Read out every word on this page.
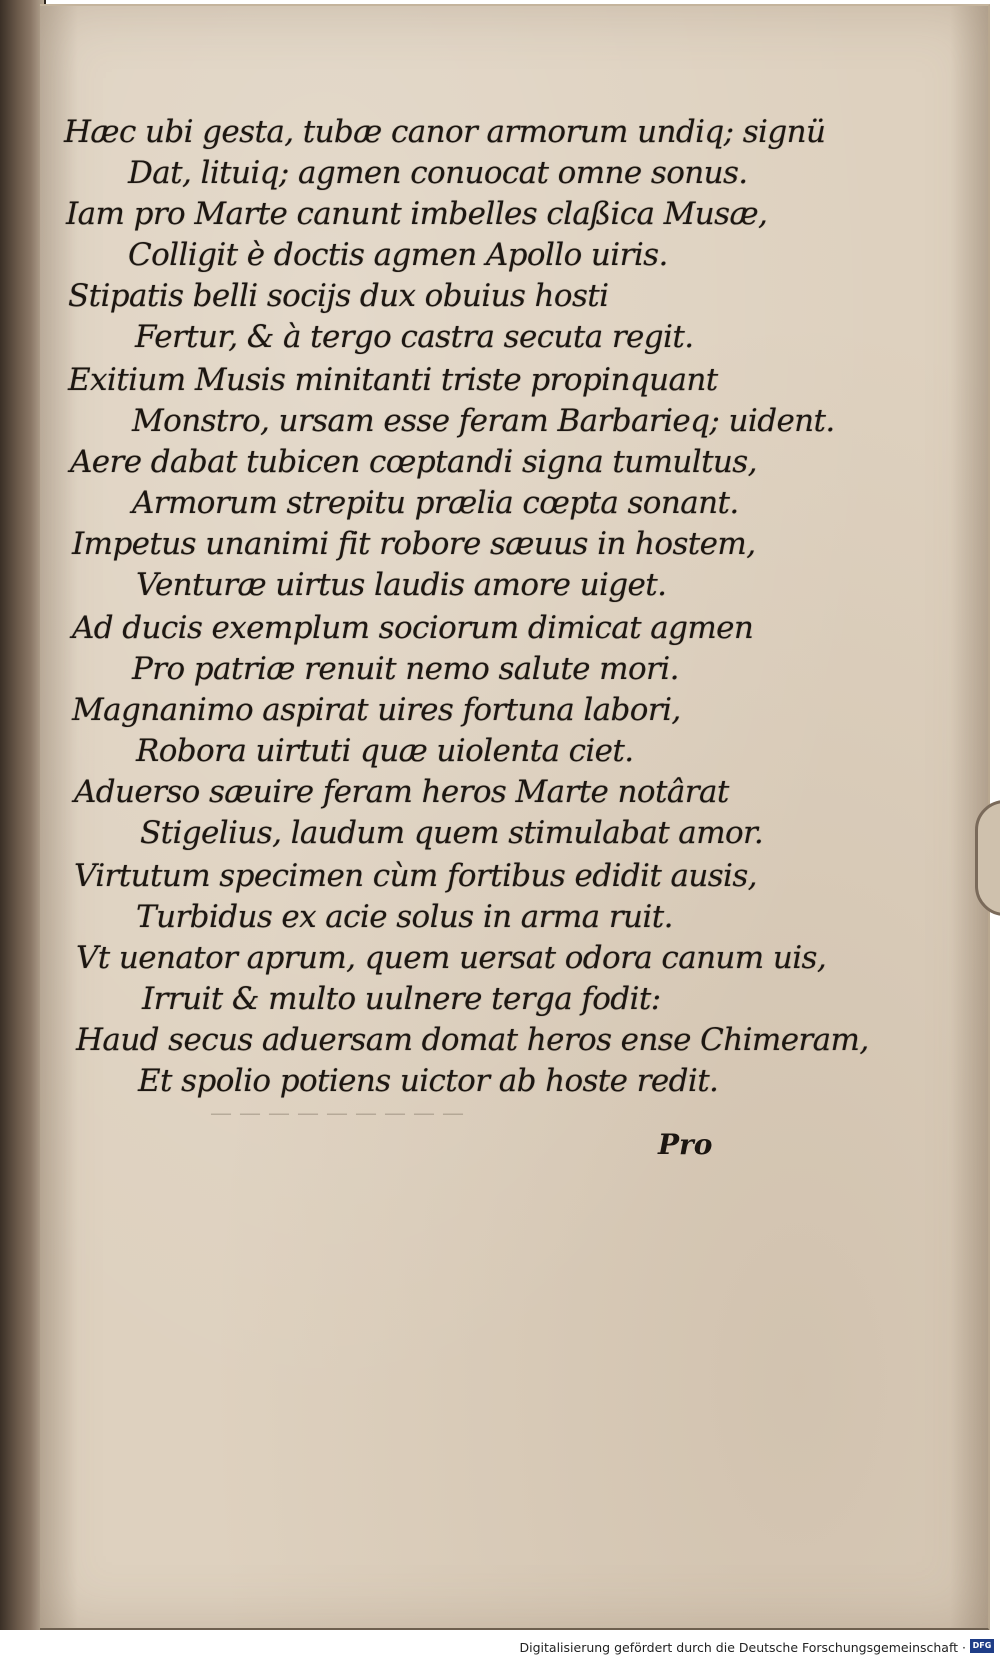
— — — — — — — — —
Hæc ubi gesta, tubæ canor armorum undiq; signü
Dat, lituiq; agmen conuocat omne sonus.
Iam pro Marte canunt imbelles claßica Musæ,
Colligit è doctis agmen Apollo uiris.
Stipatis belli socijs dux obuius hosti
Fertur, & à tergo castra secuta regit.
Exitium Musis minitanti triste propinquant
Monstro, ursam esse feram Barbarieq; uident.
Aere dabat tubicen cœptandi signa tumultus,
Armorum strepitu prælia cœpta sonant.
Impetus unanimi fit robore sæuus in hostem,
Venturæ uirtus laudis amore uiget.
Ad ducis exemplum sociorum dimicat agmen
Pro patriæ renuit nemo salute mori.
Magnanimo aspirat uires fortuna labori,
Robora uirtuti quæ uiolenta ciet.
Aduerso sæuire feram heros Marte notârat
Stigelius, laudum quem stimulabat amor.
Virtutum specimen cùm fortibus edidit ausis,
Turbidus ex acie solus in arma ruit.
Vt uenator aprum, quem uersat odora canum uis,
Irruit & multo uulnere terga fodit:
Haud secus aduersam domat heros ense Chimeram,
Et spolio potiens uictor ab hoste redit.
Pro
Digitalisierung gefördert durch die Deutsche Forschungsgemeinschaft · DFG
